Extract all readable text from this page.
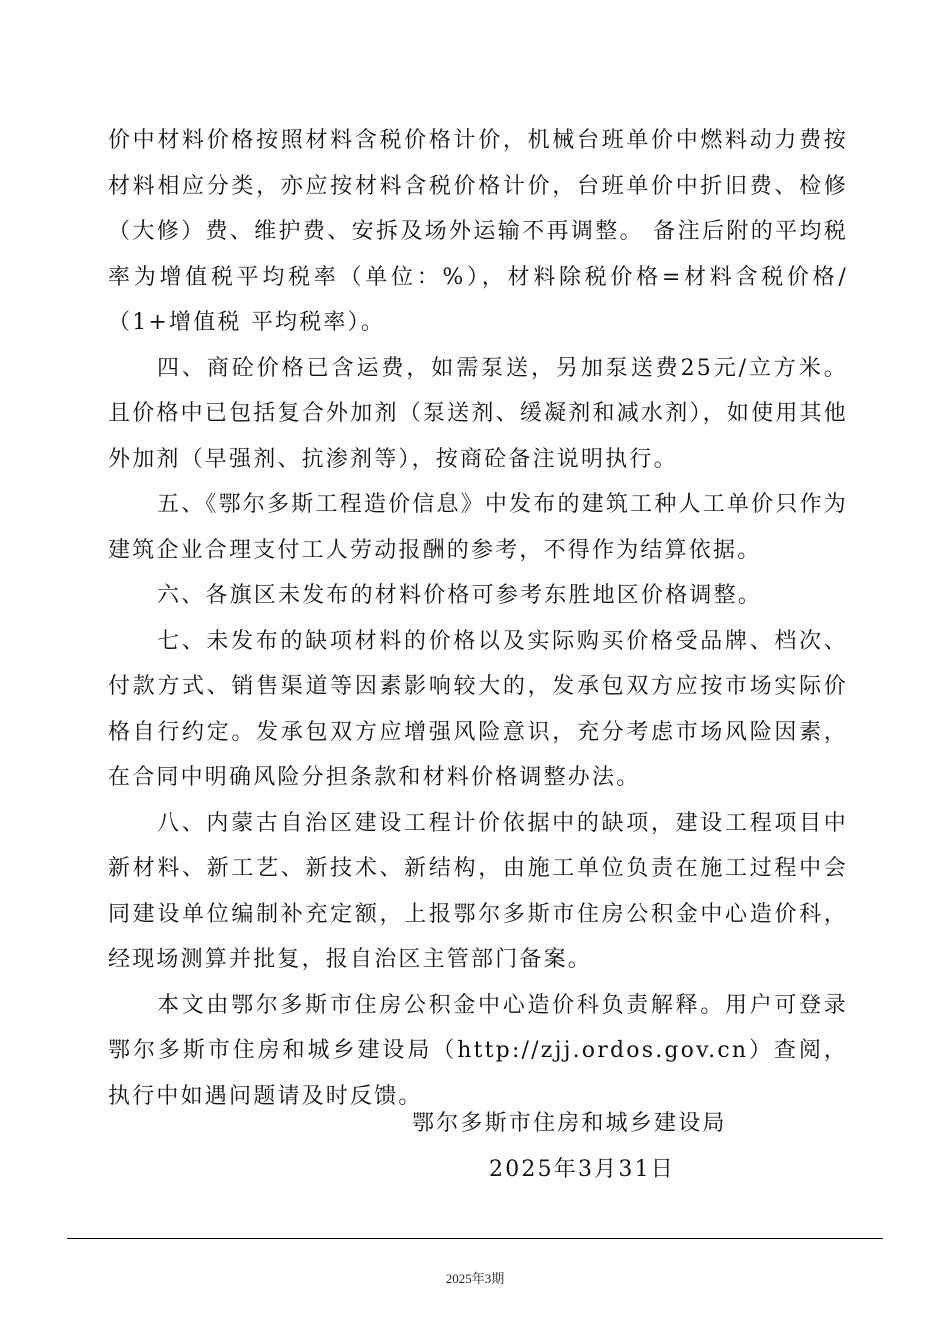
价中材料价格按照材料含税价格计价，机械台班单价中燃料动力费按材料相应分类，亦应按材料含税价格计价，台班单价中折旧费、检修（大修）费、维护费、安拆及场外运输不再调整。 备注后附的平均税率为增值税平均税率（单位：%），材料除税价格=材料含税价格/（1+增值税 平均税率）。

四、商砼价格已含运费，如需泵送，另加泵送费25元/立方米。且价格中已包括复合外加剂（泵送剂、缓凝剂和减水剂），如使用其他外加剂（早强剂、抗渗剂等），按商砼备注说明执行。

五、《鄂尔多斯工程造价信息》中发布的建筑工种人工单价只作为建筑企业合理支付工人劳动报酬的参考，不得作为结算依据。

六、各旗区未发布的材料价格可参考东胜地区价格调整。

七、未发布的缺项材料的价格以及实际购买价格受品牌、档次、付款方式、销售渠道等因素影响较大的，发承包双方应按市场实际价格自行约定。发承包双方应增强风险意识，充分考虑市场风险因素，在合同中明确风险分担条款和材料价格调整办法。

八、内蒙古自治区建设工程计价依据中的缺项，建设工程项目中新材料、新工艺、新技术、新结构，由施工单位负责在施工过程中会同建设单位编制补充定额，上报鄂尔多斯市住房公积金中心造价科，经现场测算并批复，报自治区主管部门备案。

本文由鄂尔多斯市住房公积金中心造价科负责解释。用户可登录鄂尔多斯市住房和城乡建设局（http://zjj.ordos.gov.cn）查阅，执行中如遇问题请及时反馈。

鄂尔多斯市住房和城乡建设局
2025年3月31日
2025年3期
